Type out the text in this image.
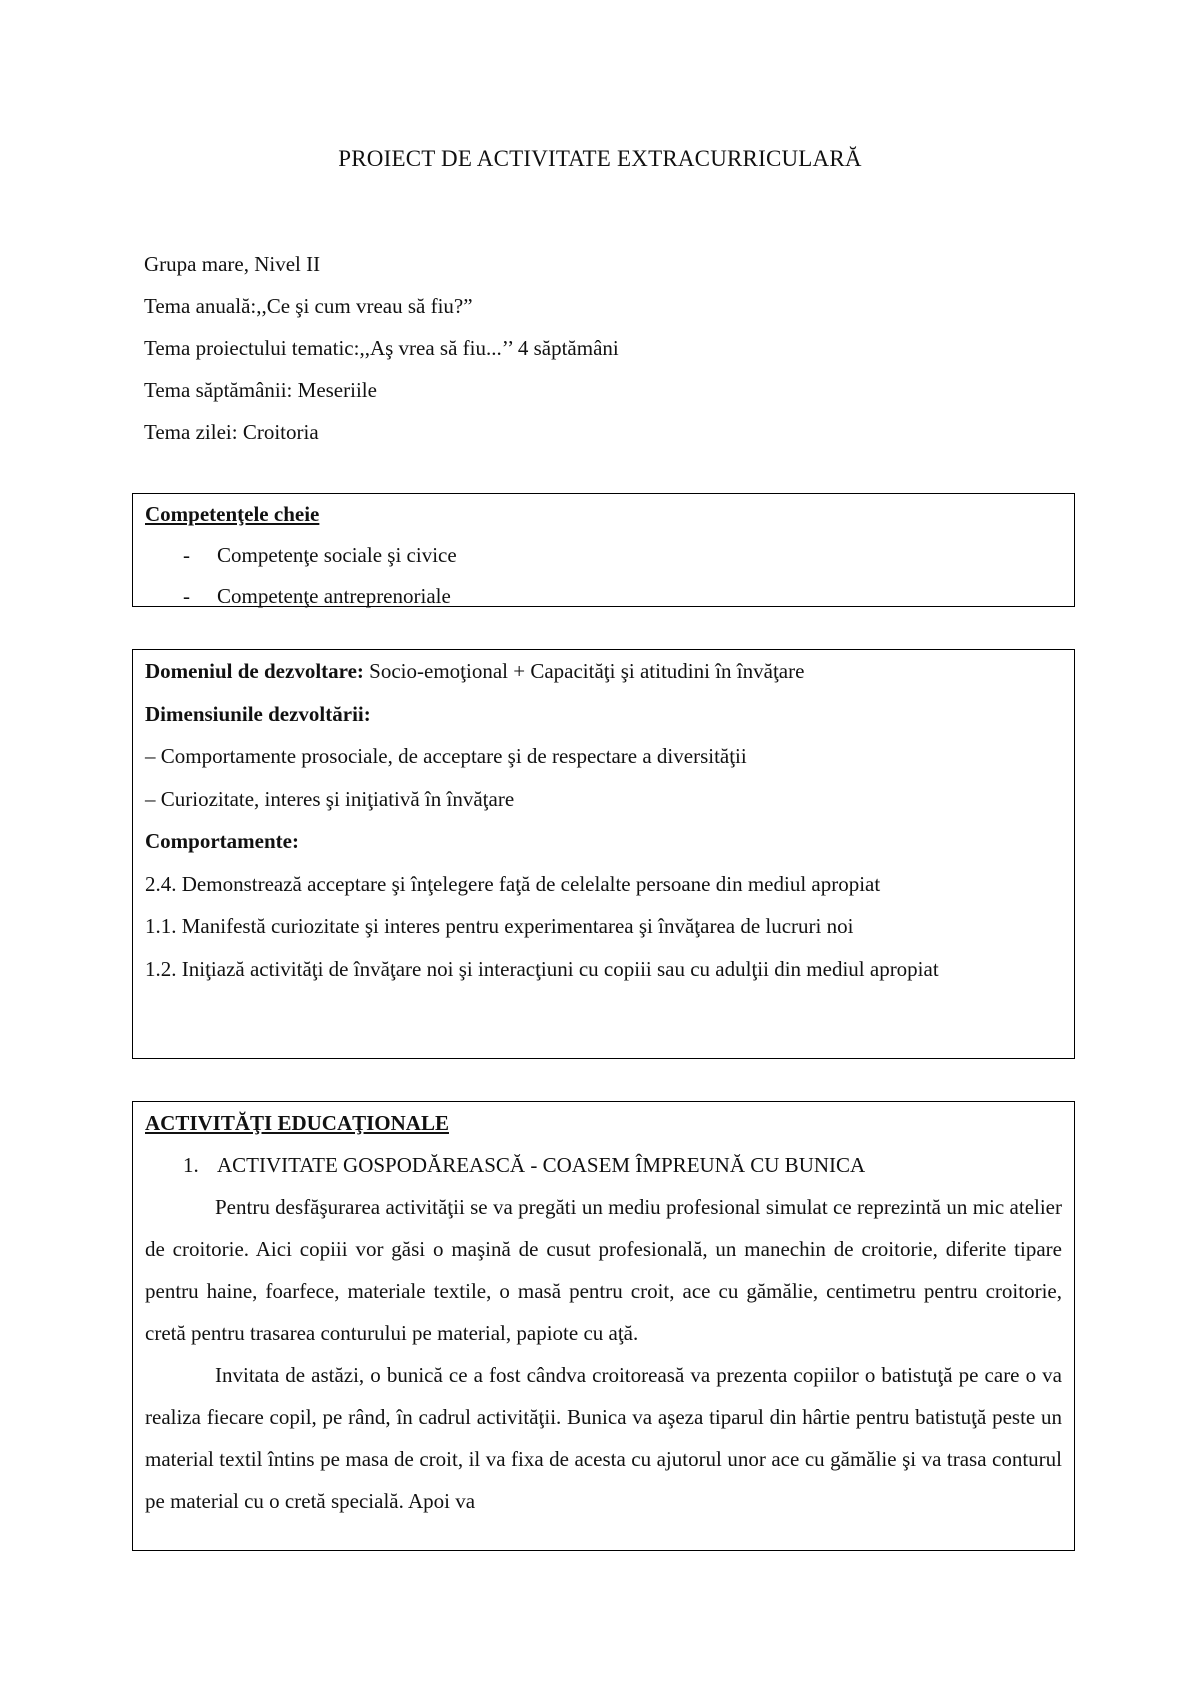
PROIECT DE ACTIVITATE EXTRACURRICULARĂ
Grupa mare, Nivel II
Tema anuală:,,Ce şi cum vreau să fiu?”
Tema proiectului tematic:,,Aş vrea să fiu...’’ 4 săptămâni
Tema săptămânii: Meseriile
Tema zilei: Croitoria
Competenţele cheie
- Competenţe sociale şi civice
- Competenţe antreprenoriale
Domeniul de dezvoltare: Socio-emoţional + Capacităţi şi atitudini în învăţare
Dimensiunile dezvoltării:
– Comportamente prosociale, de acceptare şi de respectare a diversităţii
– Curiozitate, interes şi iniţiativă în învăţare
Comportamente:
2.4. Demonstrează acceptare şi înţelegere faţă de celelalte persoane din mediul apropiat
1.1. Manifestă curiozitate şi interes pentru experimentarea şi învăţarea de lucruri noi
1.2. Iniţiază activităţi de învăţare noi şi interacţiuni cu copiii sau cu adulţii din mediul apropiat
ACTIVITĂŢI EDUCAŢIONALE
1. ACTIVITATE GOSPODĂREASCĂ - COASEM ÎMPREUNĂ CU BUNICA
Pentru desfăşurarea activităţii se va pregăti un mediu profesional simulat ce reprezintă un mic atelier de croitorie. Aici copiii vor găsi o maşină de cusut profesională, un manechin de croitorie, diferite tipare pentru haine, foarfece, materiale textile, o masă pentru croit, ace cu gămălie, centimetru pentru croitorie, cretă pentru trasarea conturului pe material, papiote cu aţă.
Invitata de astăzi, o bunică ce a fost cândva croitoreasă va prezenta copiilor o batistuţă pe care o va realiza fiecare copil, pe rând, în cadrul activităţii. Bunica va aşeza tiparul din hârtie pentru batistuţă peste un material textil întins pe masa de croit, il va fixa de acesta cu ajutorul unor ace cu gămălie şi va trasa conturul pe material cu o cretă specială. Apoi va
